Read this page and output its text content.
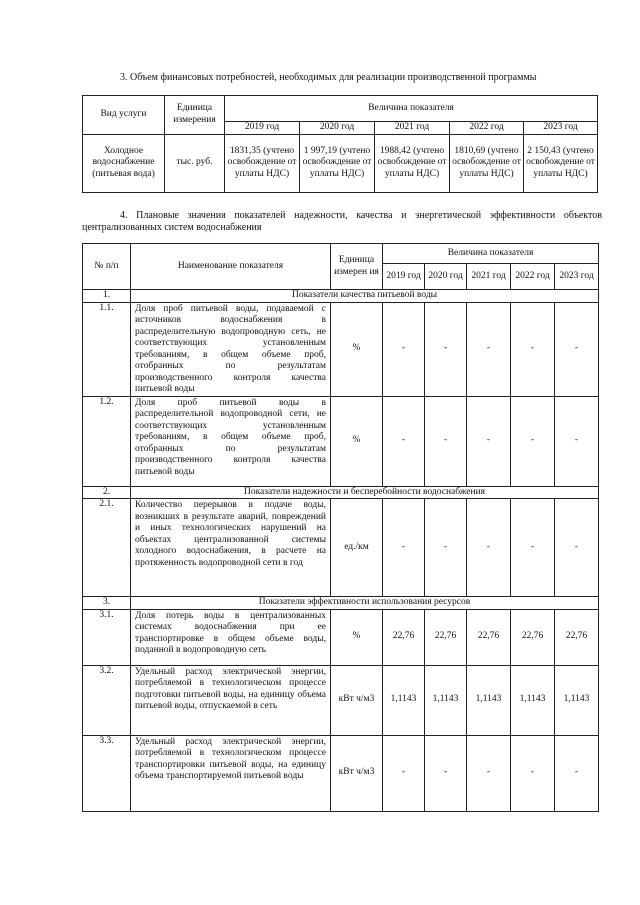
3. Объем финансовых потребностей, необходимых для реализации производственной программы
Вид услуги	Единица измерения	Величина показателя				
		2019 год	2020 год	2021 год	2022 год	2023 год
Холодное водоснабжение (питьевая вода)	тыс. руб.	1831,35 (учтено освобождение от уплаты НДС)	1 997,19 (учтено освобождение от уплаты НДС)	1988,42 (учтено освобождение от уплаты НДС)	1810,69 (учтено освобождение от уплаты НДС)	2 150,43 (учтено освобождение от уплаты НДС)
4. Плановые значения показателей надежности, качества и энергетической эффективности объектов централизованных систем водоснабжения
№ п/п	Наименование показателя	Единица измерен ия	Величина показателя				
			2019 год	2020 год	2021 год	2022 год	2023 год
1.	Показатели качества питьевой воды						
1.1.	Доля проб питьевой воды, подаваемой с источников водоснабжения в распределительную водопроводную сеть, не соответствующих установленным требованиям, в общем объеме проб, отобранных по результатам производственного контроля качества питьевой воды	%	-	-	-	-	-
1.2.	Доля проб питьевой воды в распределительной водопроводной сети, не соответствующих установленным требованиям, в общем объеме проб, отобранных по результатам производственного контроля качества питьевой воды	%	-	-	-	-	-
2.	Показатели надежности и бесперебойности водоснабжения						
2.1.	Количество перерывов в подаче воды, возникших в результате аварий, повреждений и иных технологических нарушений на объектах централизованной системы холодного водоснабжения, в расчете на протяженность водопроводной сети в год	ед./км	-	-	-	-	-
3.	Показатели эффективности использования ресурсов						
3.1.	Доля потерь воды в централизованных системах водоснабжения при ее транспортировке в общем объеме воды, поданной в водопроводную сеть	%	22,76	22,76	22,76	22,76	22,76
3.2.	Удельный расход электрической энергии, потребляемой в технологическом процессе подготовки питьевой воды, на единицу объема питьевой воды, отпускаемой в сеть	кВт ч/м3	1,1143	1,1143	1,1143	1,1143	1,1143
3.3.	Удельный расход электрической энергии, потребляемой в технологическом процессе транспортировки питьевой воды, на единицу объема транспортируемой питьевой воды	кВт ч/м3	-	-	-	-	-
